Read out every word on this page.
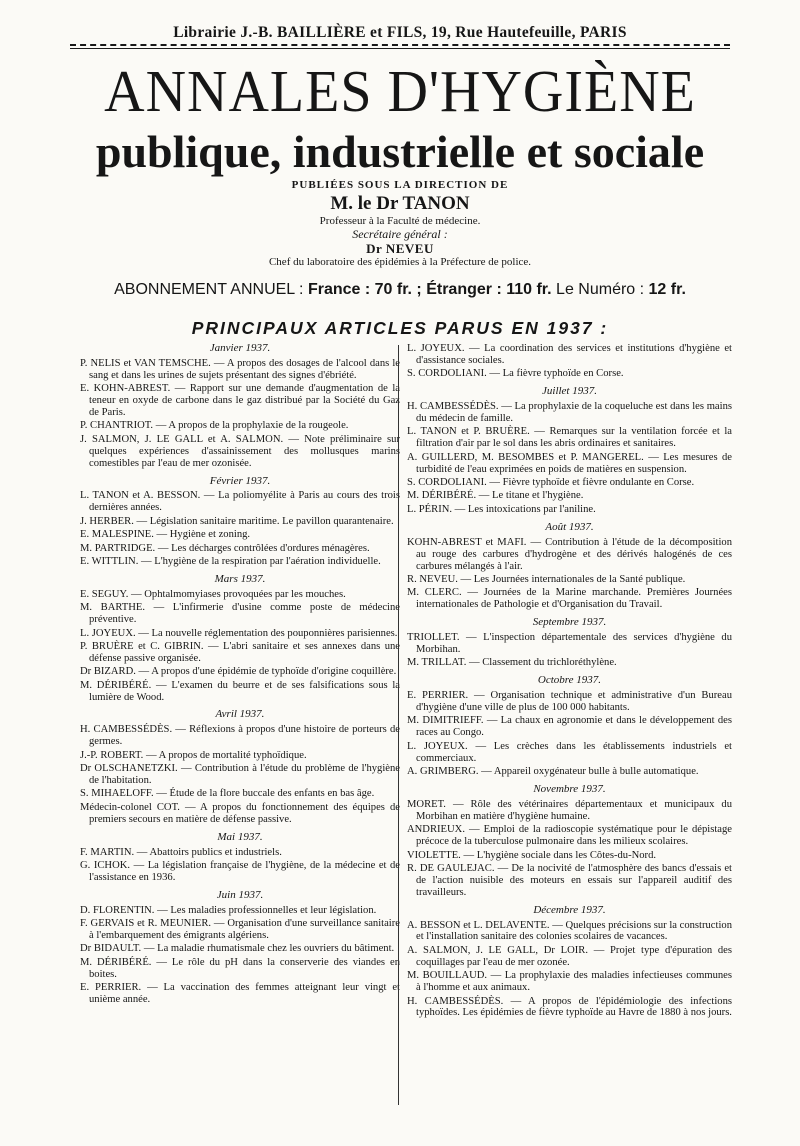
Librairie J.-B. BAILLIÈRE et FILS, 19, Rue Hautefeuille, PARIS
ANNALES D'HYGIÈNE
publique, industrielle et sociale
PUBLIÉES SOUS LA DIRECTION DE
M. le Dr TANON
Professeur à la Faculté de médecine.
Secrétaire général :
Dr NEVEU
Chef du laboratoire des épidémies à la Préfecture de police.
ABONNEMENT ANNUEL : France : 70 fr. ; Étranger : 110 fr. Le Numéro : 12 fr.
PRINCIPAUX ARTICLES PARUS EN 1937 :
Janvier 1937.
P. NELIS et VAN TEMSCHE. — A propos des dosages de l'alcool dans le sang et dans les urines de sujets présentant des signes d'ébriété.
E. KOHN-ABREST. — Rapport sur une demande d'augmentation de la teneur en oxyde de carbone dans le gaz distribué par la Société du Gaz de Paris.
P. CHANTRIOT. — A propos de la prophylaxie de la rougeole.
J. SALMON, J. LE GALL et A. SALMON. — Note préliminaire sur quelques expériences d'assainissement des mollusques marins comestibles par l'eau de mer ozonisée.
Février 1937.
L. TANON et A. BESSON. — La poliomyélite à Paris au cours des trois dernières années.
J. HERBER. — Législation sanitaire maritime. Le pavillon quarantenaire.
E. MALESPINE. — Hygiène et zoning.
M. PARTRIDGE. — Les décharges contrôlées d'ordures ménagères.
E. WITTLIN. — L'hygiène de la respiration par l'aération individuelle.
Mars 1937.
E. SEGUY. — Ophtalmomyiases provoquées par les mouches.
M. BARTHE. — L'infirmerie d'usine comme poste de médecine préventive.
L. JOYEUX. — La nouvelle réglementation des pouponnières parisiennes.
P. BRUÈRE et C. GIBRIN. — L'abri sanitaire et ses annexes dans une défense passive organisée.
Dr BIZARD. — A propos d'une épidémie de typhoïde d'origine coquillère.
M. DÉRIBÉRÉ. — L'examen du beurre et de ses falsifications sous la lumière de Wood.
Avril 1937.
H. CAMBESSÉDÈS. — Réflexions à propos d'une histoire de porteurs de germes.
J.-P. ROBERT. — A propos de mortalité typhoïdique.
Dr OLSCHANETZKI. — Contribution à l'étude du problème de l'hygiène de l'habitation.
S. MIHAELOFF. — Étude de la flore buccale des enfants en bas âge.
Médecin-colonel COT. — A propos du fonctionnement des équipes de premiers secours en matière de défense passive.
Mai 1937.
F. MARTIN. — Abattoirs publics et industriels.
G. ICHOK. — La législation française de l'hygiène, de la médecine et de l'assistance en 1936.
Juin 1937.
D. FLORENTIN. — Les maladies professionnelles et leur législation.
F. GERVAIS et R. MEUNIER. — Organisation d'une surveillance sanitaire à l'embarquement des émigrants algériens.
Dr BIDAULT. — La maladie rhumatismale chez les ouvriers du bâtiment.
M. DÉRIBÉRÉ. — Le rôle du pH dans la conserverie des viandes en boites.
E. PERRIER. — La vaccination des femmes atteignant leur vingt et unième année.
L. JOYEUX. — La coordination des services et institutions d'hygiène et d'assistance sociales.
S. CORDOLIANI. — La fièvre typhoïde en Corse.
Juillet 1937.
H. CAMBESSÉDÈS. — La prophylaxie de la coqueluche est dans les mains du médecin de famille.
L. TANON et P. BRUÈRE. — Remarques sur la ventilation forcée et la filtration d'air par le sol dans les abris ordinaires et sanitaires.
A. GUILLERD, M. BESOMBES et P. MANGEREL. — Les mesures de turbidité de l'eau exprimées en poids de matières en suspension.
S. CORDOLIANI. — Fièvre typhoïde et fièvre ondulante en Corse.
M. DÉRIBÉRÉ. — Le titane et l'hygiène.
L. PÉRIN. — Les intoxications par l'aniline.
Août 1937.
KOHN-ABREST et MAFI. — Contribution à l'étude de la décomposition au rouge des carbures d'hydrogène et des dérivés halogénés de ces carbures mélangés à l'air.
R. NEVEU. — Les Journées internationales de la Santé publique.
M. CLERC. — Journées de la Marine marchande. Premières Journées internationales de Pathologie et d'Organisation du Travail.
Septembre 1937.
TRIOLLET. — L'inspection départementale des services d'hygiène du Morbihan.
M. TRILLAT. — Classement du trichloréthylène.
Octobre 1937.
E. PERRIER. — Organisation technique et administrative d'un Bureau d'hygiène d'une ville de plus de 100 000 habitants.
M. DIMITRIEFF. — La chaux en agronomie et dans le développement des races au Congo.
L. JOYEUX. — Les crèches dans les établissements industriels et commerciaux.
A. GRIMBERG. — Appareil oxygénateur bulle à bulle automatique.
Novembre 1937.
MORET. — Rôle des vétérinaires départementaux et municipaux du Morbihan en matière d'hygiène humaine.
ANDRIEUX. — Emploi de la radioscopie systématique pour le dépistage précoce de la tuberculose pulmonaire dans les milieux scolaires.
VIOLETTE. — L'hygiène sociale dans les Côtes-du-Nord.
R. DE GAULEJAC. — De la nocivité de l'atmosphère des bancs d'essais et de l'action nuisible des moteurs en essais sur l'appareil auditif des travailleurs.
Décembre 1937.
A. BESSON et L. DELAVENTE. — Quelques précisions sur la construction et l'installation sanitaire des colonies scolaires de vacances.
A. SALMON, J. LE GALL, Dr LOIR. — Projet type d'épuration des coquillages par l'eau de mer ozonée.
M. BOUILLAUD. — La prophylaxie des maladies infectieuses communes à l'homme et aux animaux.
H. CAMBESSÉDÈS. — A propos de l'épidémiologie des infections typhoïdes. Les épidémies de fièvre typhoïde au Havre de 1880 à nos jours.
